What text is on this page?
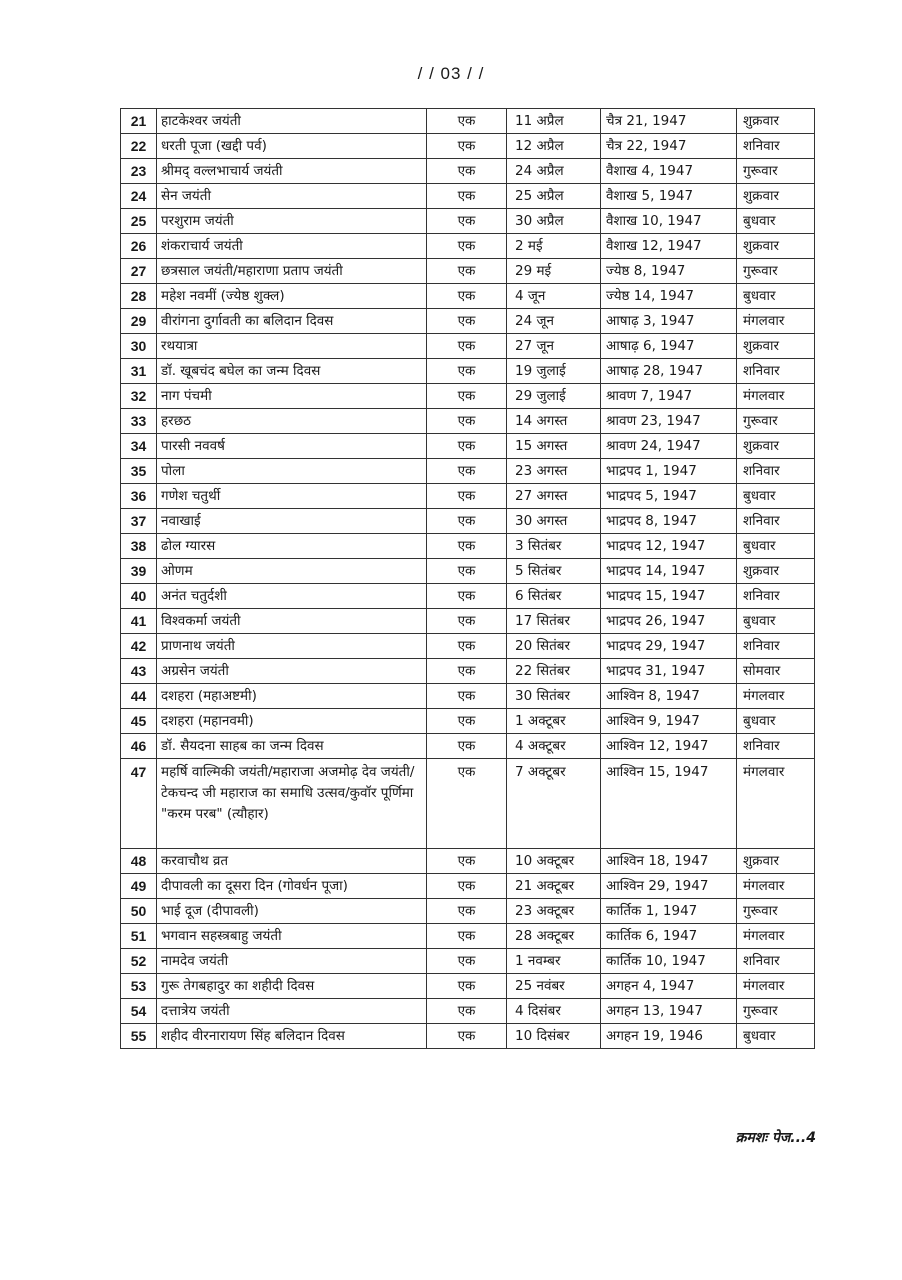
/ / 03 / /
21	हाटकेश्वर जयंती	एक	11 अप्रैल	चैत्र 21, 1947	शुक्रवार
22	धरती पूजा (खद्दी पर्व)	एक	12 अप्रैल	चैत्र 22, 1947	शनिवार
23	श्रीमद् वल्लभाचार्य जयंती	एक	24 अप्रैल	वैशाख 4, 1947	गुरूवार
24	सेन जयंती	एक	25 अप्रैल	वैशाख 5, 1947	शुक्रवार
25	परशुराम जयंती	एक	30 अप्रैल	वैशाख 10, 1947	बुधवार
26	शंकराचार्य जयंती	एक	2 मई	वैशाख 12, 1947	शुक्रवार
27	छत्रसाल जयंती/महाराणा प्रताप जयंती	एक	29 मई	ज्येष्ठ 8, 1947	गुरूवार
28	महेश नवमीं (ज्येष्ठ शुक्ल)	एक	4 जून	ज्येष्ठ 14, 1947	बुधवार
29	वीरांगना दुर्गावती का बलिदान दिवस	एक	24 जून	आषाढ़ 3, 1947	मंगलवार
30	रथयात्रा	एक	27 जून	आषाढ़ 6, 1947	शुक्रवार
31	डॉ. खूबचंद बघेल का जन्म दिवस	एक	19 जुलाई	आषाढ़ 28, 1947	शनिवार
32	नाग पंचमी	एक	29 जुलाई	श्रावण 7, 1947	मंगलवार
33	हरछठ	एक	14 अगस्त	श्रावण 23, 1947	गुरूवार
34	पारसी नववर्ष	एक	15 अगस्त	श्रावण 24, 1947	शुक्रवार
35	पोला	एक	23 अगस्त	भाद्रपद 1, 1947	शनिवार
36	गणेश चतुर्थी	एक	27 अगस्त	भाद्रपद 5, 1947	बुधवार
37	नवाखाई	एक	30 अगस्त	भाद्रपद 8, 1947	शनिवार
38	ढोल ग्यारस	एक	3 सितंबर	भाद्रपद 12, 1947	बुधवार
39	ओणम	एक	5 सितंबर	भाद्रपद 14, 1947	शुक्रवार
40	अनंत चतुर्दशी	एक	6 सितंबर	भाद्रपद 15, 1947	शनिवार
41	विश्वकर्मा जयंती	एक	17 सितंबर	भाद्रपद 26, 1947	बुधवार
42	प्राणनाथ जयंती	एक	20 सितंबर	भाद्रपद 29, 1947	शनिवार
43	अग्रसेन जयंती	एक	22 सितंबर	भाद्रपद 31, 1947	सोमवार
44	दशहरा (महाअष्टमी)	एक	30 सितंबर	आश्विन 8, 1947	मंगलवार
45	दशहरा (महानवमी)	एक	1 अक्टूबर	आश्विन 9, 1947	बुधवार
46	डॉ. सैयदना साहब का जन्म दिवस	एक	4 अक्टूबर	आश्विन 12, 1947	शनिवार
47	महर्षि वाल्मिकी जयंती/महाराजा अजमोढ़ देव जयंती/टेकचन्द जी महाराज का समाधि उत्सव/कुवॉर पूर्णिमा "करम परब" (त्यौहार)	एक	7 अक्टूबर	आश्विन 15, 1947	मंगलवार
48	करवाचौथ व्रत	एक	10 अक्टूबर	आश्विन 18, 1947	शुक्रवार
49	दीपावली का दूसरा दिन (गोवर्धन पूजा)	एक	21 अक्टूबर	आश्विन 29, 1947	मंगलवार
50	भाई दूज (दीपावली)	एक	23 अक्टूबर	कार्तिक 1, 1947	गुरूवार
51	भगवान सहस्त्रबाहु जयंती	एक	28 अक्टूबर	कार्तिक 6, 1947	मंगलवार
52	नामदेव जयंती	एक	1 नवम्बर	कार्तिक 10, 1947	शनिवार
53	गुरू तेगबहादुर का शहीदी दिवस	एक	25 नवंबर	अगहन 4, 1947	मंगलवार
54	दत्तात्रेय जयंती	एक	4 दिसंबर	अगहन 13, 1947	गुरूवार
55	शहीद वीरनारायण सिंह बलिदान दिवस	एक	10 दिसंबर	अगहन 19, 1946	बुधवार
क्रमशः पेज...4
